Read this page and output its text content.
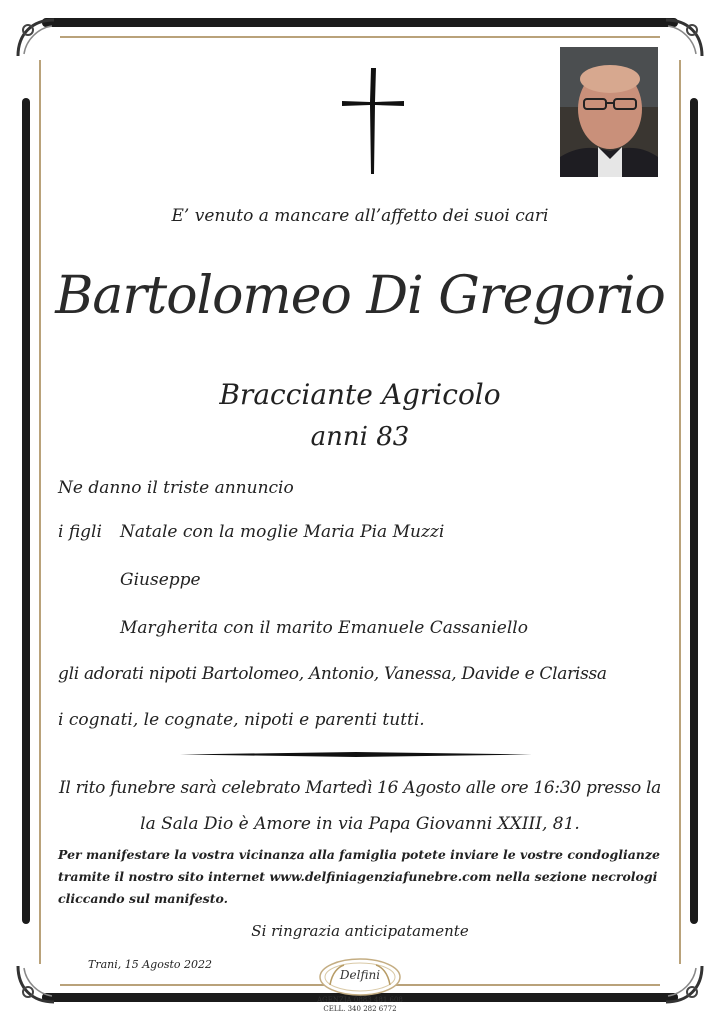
E’ venuto a mancare all’affetto dei suoi cari
Bartolomeo Di Gregorio
Bracciante Agricolo
anni 83
Ne danno il triste annuncio
i figli Natale con la moglie Maria Pia Muzzi
Giuseppe
Margherita con il marito Emanuele Cassaniello
gli adorati nipoti Bartolomeo, Antonio, Vanessa, Davide e Clarissa
i cognati, le cognate, nipoti e parenti tutti.
Il rito funebre sarà celebrato Martedì 16 Agosto alle ore 16:30 presso la
la Sala Dio è Amore in via Papa Giovanni XXIII, 81.
Per manifestare la vostra vicinanza alla famiglia potete inviare le vostre condoglianze
tramite il nostro sito internet www.delfiniagenziafunebre.com nella sezione necrologi
cliccando sul manifesto.
Si ringrazia anticipatamente
Trani, 15 Agosto 2022
Delfini
AGENZIA 0883 481 608
CELL. 340 282 6772
